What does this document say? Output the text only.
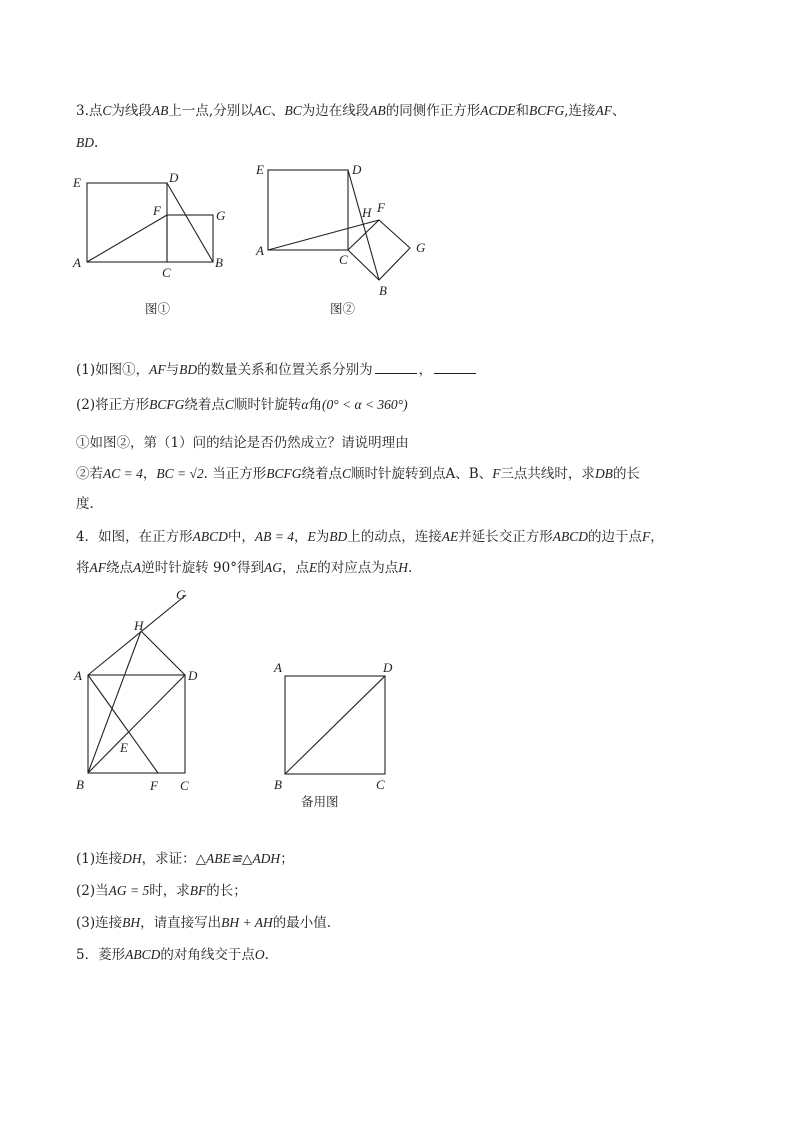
3.点C为线段AB上一点,分别以AC、BC为边在线段AB的同侧作正方形ACDE和BCFG,连接AF、
BD.
E	D
F	G
A
C
B
图①
E	D
H F
G
A
C
B
图②
(1)如图①，AF与BD的数量关系和位置关系分别为	，
(2)将正方形BCFG绕着点C顺时针旋转α角(0° < α < 360°)
①如图②，第（1）问的结论是否仍然成立？请说明理由
②若AC = 4，BC = √2. 当正方形BCFG绕着点C顺时针旋转到点A、B、F三点共线时，求DB的长
度.
4．如图，在正方形ABCD中，AB = 4，E为BD上的动点，连接AE并延长交正方形ABCD的边于点F，
将AF绕点A逆时针旋转 90°得到AG，点E的对应点为点H.
G
H
A	D
E
B	F C
A	D
B	C
备用图
(1)连接DH，求证：△ABE≌△ADH；
(2)当AG = 5时，求BF的长；
(3)连接BH，请直接写出BH + AH的最小值.
5．菱形ABCD的对角线交于点O.
